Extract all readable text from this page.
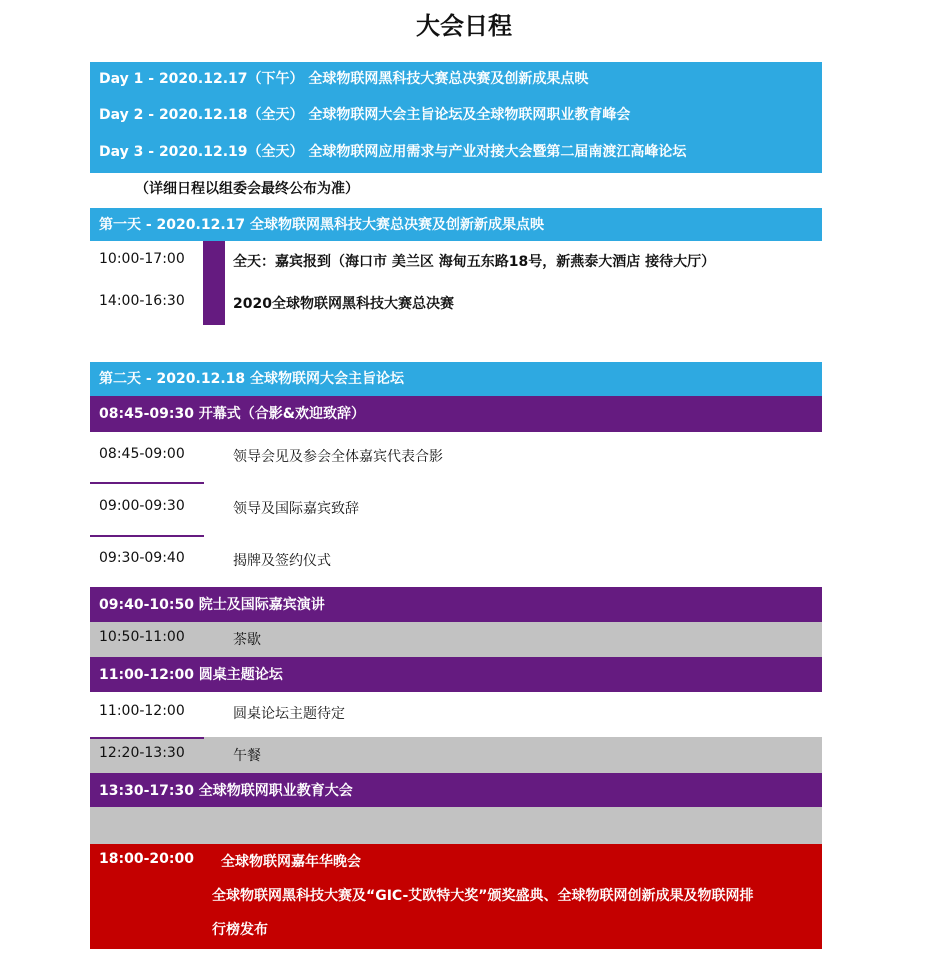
大会日程
Day 1 - 2020.12.17（下午） 全球物联网黑科技大赛总决赛及创新成果点映
Day 2 - 2020.12.18（全天） 全球物联网大会主旨论坛及全球物联网职业教育峰会
Day 3 - 2020.12.19（全天） 全球物联网应用需求与产业对接大会暨第二届南渡江高峰论坛
（详细日程以组委会最终公布为准）
第一天 - 2020.12.17 全球物联网黑科技大赛总决赛及创新新成果点映
10:00-17:00	全天：嘉宾报到（海口市 美兰区 海甸五东路18号，新燕泰大酒店 接待大厅）
14:00-16:30	2020全球物联网黑科技大赛总决赛
第二天 - 2020.12.18 全球物联网大会主旨论坛
08:45-09:30 开幕式（合影&欢迎致辞）
08:45-09:00	领导会见及参会全体嘉宾代表合影
09:00-09:30	领导及国际嘉宾致辞
09:30-09:40	揭牌及签约仪式
09:40-10:50 院士及国际嘉宾演讲
10:50-11:00	茶歇
11:00-12:00 圆桌主题论坛
11:00-12:00	圆桌论坛主题待定
12:20-13:30	午餐
13:30-17:30 全球物联网职业教育大会
18:00-20:00 全球物联网嘉年华晚会
全球物联网黑科技大赛及“GIC-艾欧特大奖”颁奖盛典、全球物联网创新成果及物联网排
行榜发布
